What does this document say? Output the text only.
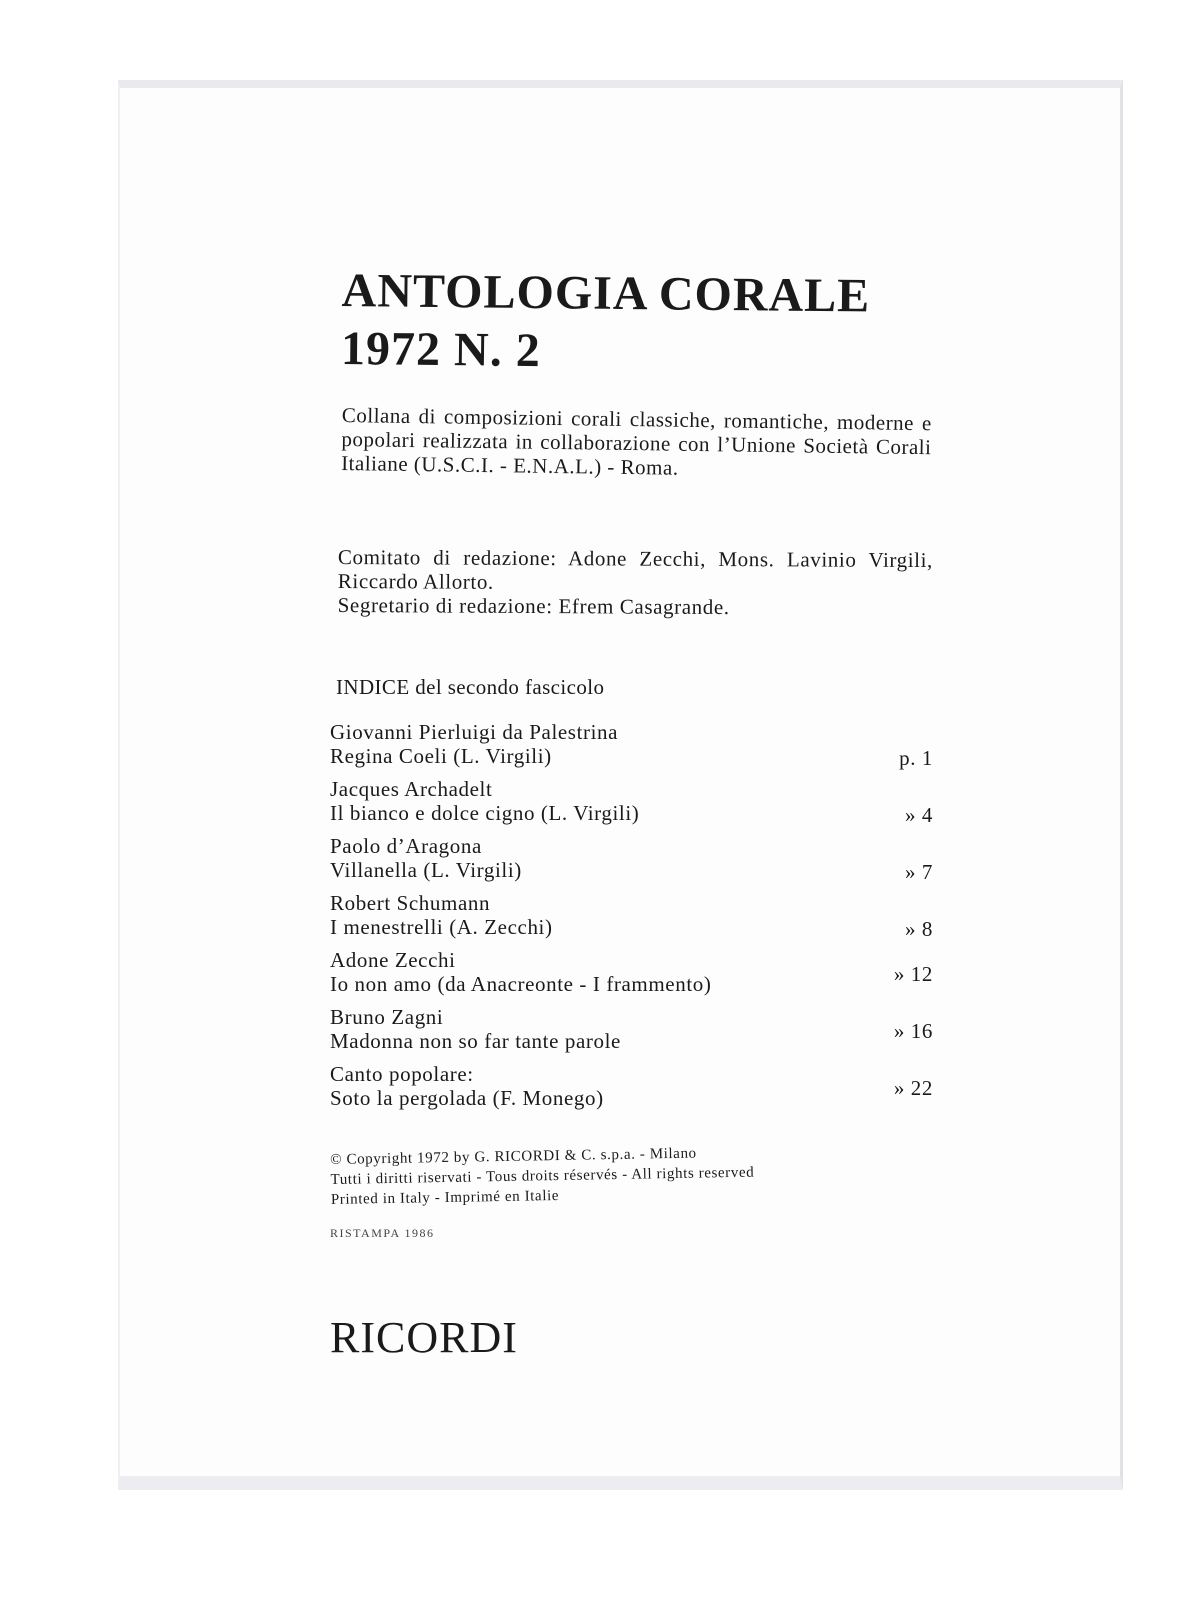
ANTOLOGIA CORALE
1972 N. 2

Collana di composizioni corali classiche, romantiche, moderne e popolari realizzata in collaborazione con l’Unione Società Corali Italiane (U.S.C.I. - E.N.A.L.) - Roma.

Comitato di redazione: Adone Zecchi, Mons. Lavinio Virgili, Riccardo Allorto.

Segretario di redazione: Efrem Casagrande.

INDICE del secondo fascicolo
Giovanni Pierluigi da Palestrina
Regina Coeli (L. Virgili)	p. 1
Jacques Archadelt
Il bianco e dolce cigno (L. Virgili)	» 4
Paolo d’Aragona
Villanella (L. Virgili)	» 7
Robert Schumann
I menestrelli (A. Zecchi)	» 8
Adone Zecchi
Io non amo (da Anacreonte - I frammento)	» 12
Bruno Zagni
Madonna non so far tante parole	» 16
Canto popolare:
Soto la pergolada (F. Monego)	» 22

© Copyright 1972 by G. RICORDI & C. s.p.a. - Milano

Tutti i diritti riservati - Tous droits réservés - All rights reserved

Printed in Italy - Imprimé en Italie

RISTAMPA 1986
RICORDI
